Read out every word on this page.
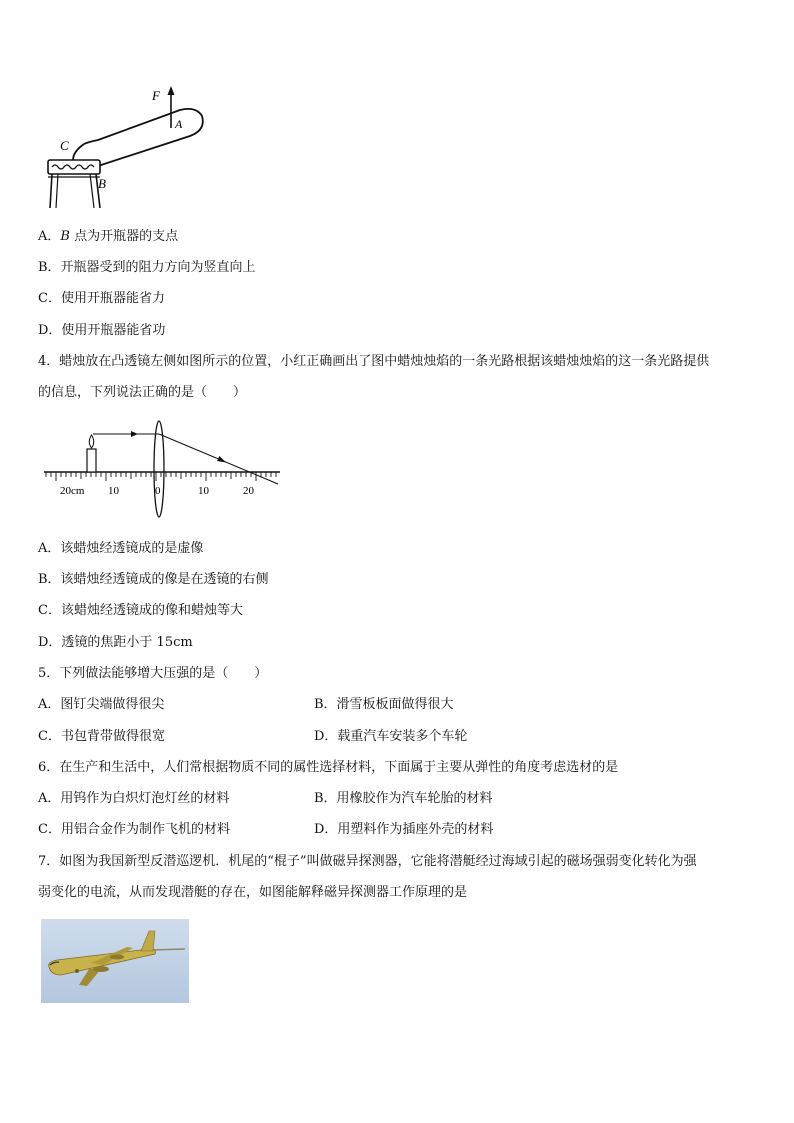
F
A
C
B
A．B 点为开瓶器的支点
B．开瓶器受到的阻力方向为竖直向上
C．使用开瓶器能省力
D．使用开瓶器能省功
4．蜡烛放在凸透镜左侧如图所示的位置，小红正确画出了图中蜡烛烛焰的一条光路根据该蜡烛烛焰的这一条光路提供
的信息，下列说法正确的是（　　）
20cm 10	0	10	20
A．该蜡烛经透镜成的是虚像
B．该蜡烛经透镜成的像是在透镜的右侧
C．该蜡烛经透镜成的像和蜡烛等大
D．透镜的焦距小于 15cm
5．下列做法能够增大压强的是（　　）
A．图钉尖端做得很尖	B．滑雪板板面做得很大
C．书包背带做得很宽	D．载重汽车安装多个车轮
6．在生产和生活中，人们常根据物质不同的属性选择材料，下面属于主要从弹性的角度考虑选材的是
A．用钨作为白炽灯泡灯丝的材料	B．用橡胶作为汽车轮胎的材料
C．用铝合金作为制作飞机的材料	D．用塑料作为插座外壳的材料
7．如图为我国新型反潜巡逻机．机尾的“棍子”叫做磁异探测器，它能将潜艇经过海域引起的磁场强弱变化转化为强
弱变化的电流，从而发现潜艇的存在，如图能解释磁异探测器工作原理的是
